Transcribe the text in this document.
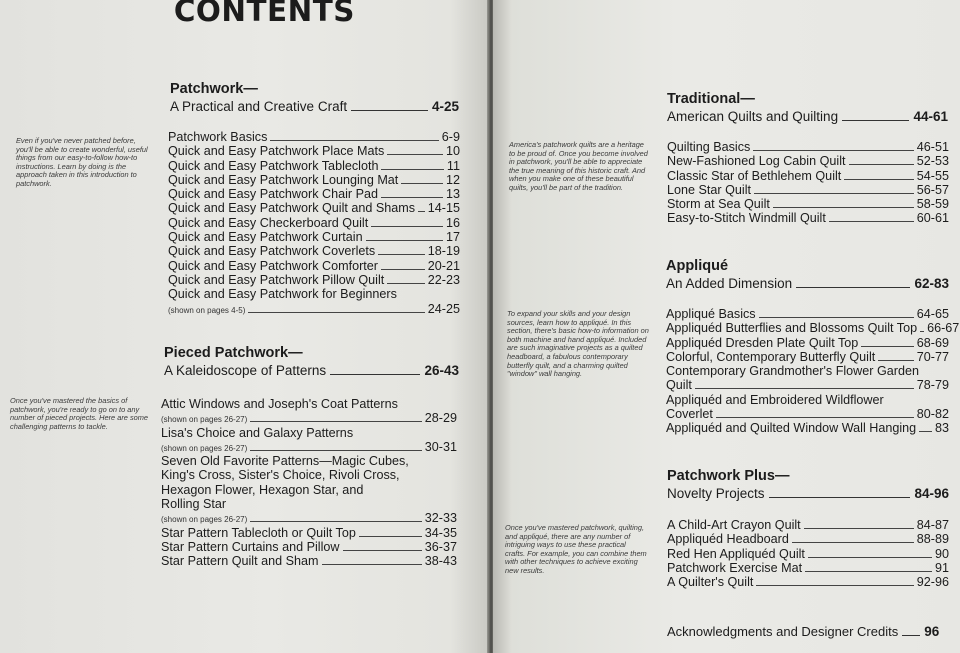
CONTENTS
Even if you've never patched before, you'll be able to create wonderful, useful things from our easy-to-follow how-to instructions. Learn by doing is the approach taken in this introduction to patchwork.
Patchwork—
A Practical and Creative Craft	4-25
Patchwork Basics	6-9
Quick and Easy Patchwork Place Mats	10
Quick and Easy Patchwork Tablecloth	11
Quick and Easy Patchwork Lounging Mat	12
Quick and Easy Patchwork Chair Pad	13
Quick and Easy Patchwork Quilt and Shams 14-15
Quick and Easy Checkerboard Quilt	16
Quick and Easy Patchwork Curtain	17
Quick and Easy Patchwork Coverlets	18-19
Quick and Easy Patchwork Comforter	20-21
Quick and Easy Patchwork Pillow Quilt	22-23
Quick and Easy Patchwork for Beginners
(shown on pages 4-5)	24-25
Once you've mastered the basics of patchwork, you're ready to go on to any number of pieced projects. Here are some challenging patterns to tackle.
Pieced Patchwork—
A Kaleidoscope of Patterns	26-43
Attic Windows and Joseph's Coat Patterns
(shown on pages 26-27)	28-29
Lisa's Choice and Galaxy Patterns
(shown on pages 26-27)	30-31
Seven Old Favorite Patterns—Magic Cubes,
King's Cross, Sister's Choice, Rivoli Cross,
Hexagon Flower, Hexagon Star, and
Rolling Star
(shown on pages 26-27)	32-33
Star Pattern Tablecloth or Quilt Top	34-35
Star Pattern Curtains and Pillow	36-37
Star Pattern Quilt and Sham	38-43
America's patchwork quilts are a heritage to be proud of. Once you become involved in patchwork, you'll be able to appreciate the true meaning of this historic craft. And when you make one of these beautiful quilts, you'll be part of the tradition.
Traditional—
American Quilts and Quilting	44-61
Quilting Basics	46-51
New-Fashioned Log Cabin Quilt	52-53
Classic Star of Bethlehem Quilt	54-55
Lone Star Quilt	56-57
Storm at Sea Quilt	58-59
Easy-to-Stitch Windmill Quilt	60-61
To expand your skills and your design sources, learn how to appliqué. In this section, there's basic how-to information on both machine and hand appliqué. Included are such imaginative projects as a quilted headboard, a fabulous contemporary butterfly quilt, and a charming quilted "window" wall hanging.
Appliqué
An Added Dimension	62-83
Appliqué Basics	64-65
Appliquéd Butterflies and Blossoms Quilt Top 66-67
Appliquéd Dresden Plate Quilt Top	68-69
Colorful, Contemporary Butterfly Quilt	70-77
Contemporary Grandmother's Flower Garden
Quilt	78-79
Appliquéd and Embroidered Wildflower
Coverlet	80-82
Appliquéd and Quilted Window Wall Hanging 83
Once you've mastered patchwork, quilting, and appliqué, there are any number of intriguing ways to use these practical crafts. For example, you can combine them with other techniques to achieve exciting new results.
Patchwork Plus—
Novelty Projects	84-96
A Child-Art Crayon Quilt	84-87
Appliquéd Headboard	88-89
Red Hen Appliquéd Quilt	90
Patchwork Exercise Mat	91
A Quilter's Quilt	92-96
Acknowledgments and Designer Credits 96
